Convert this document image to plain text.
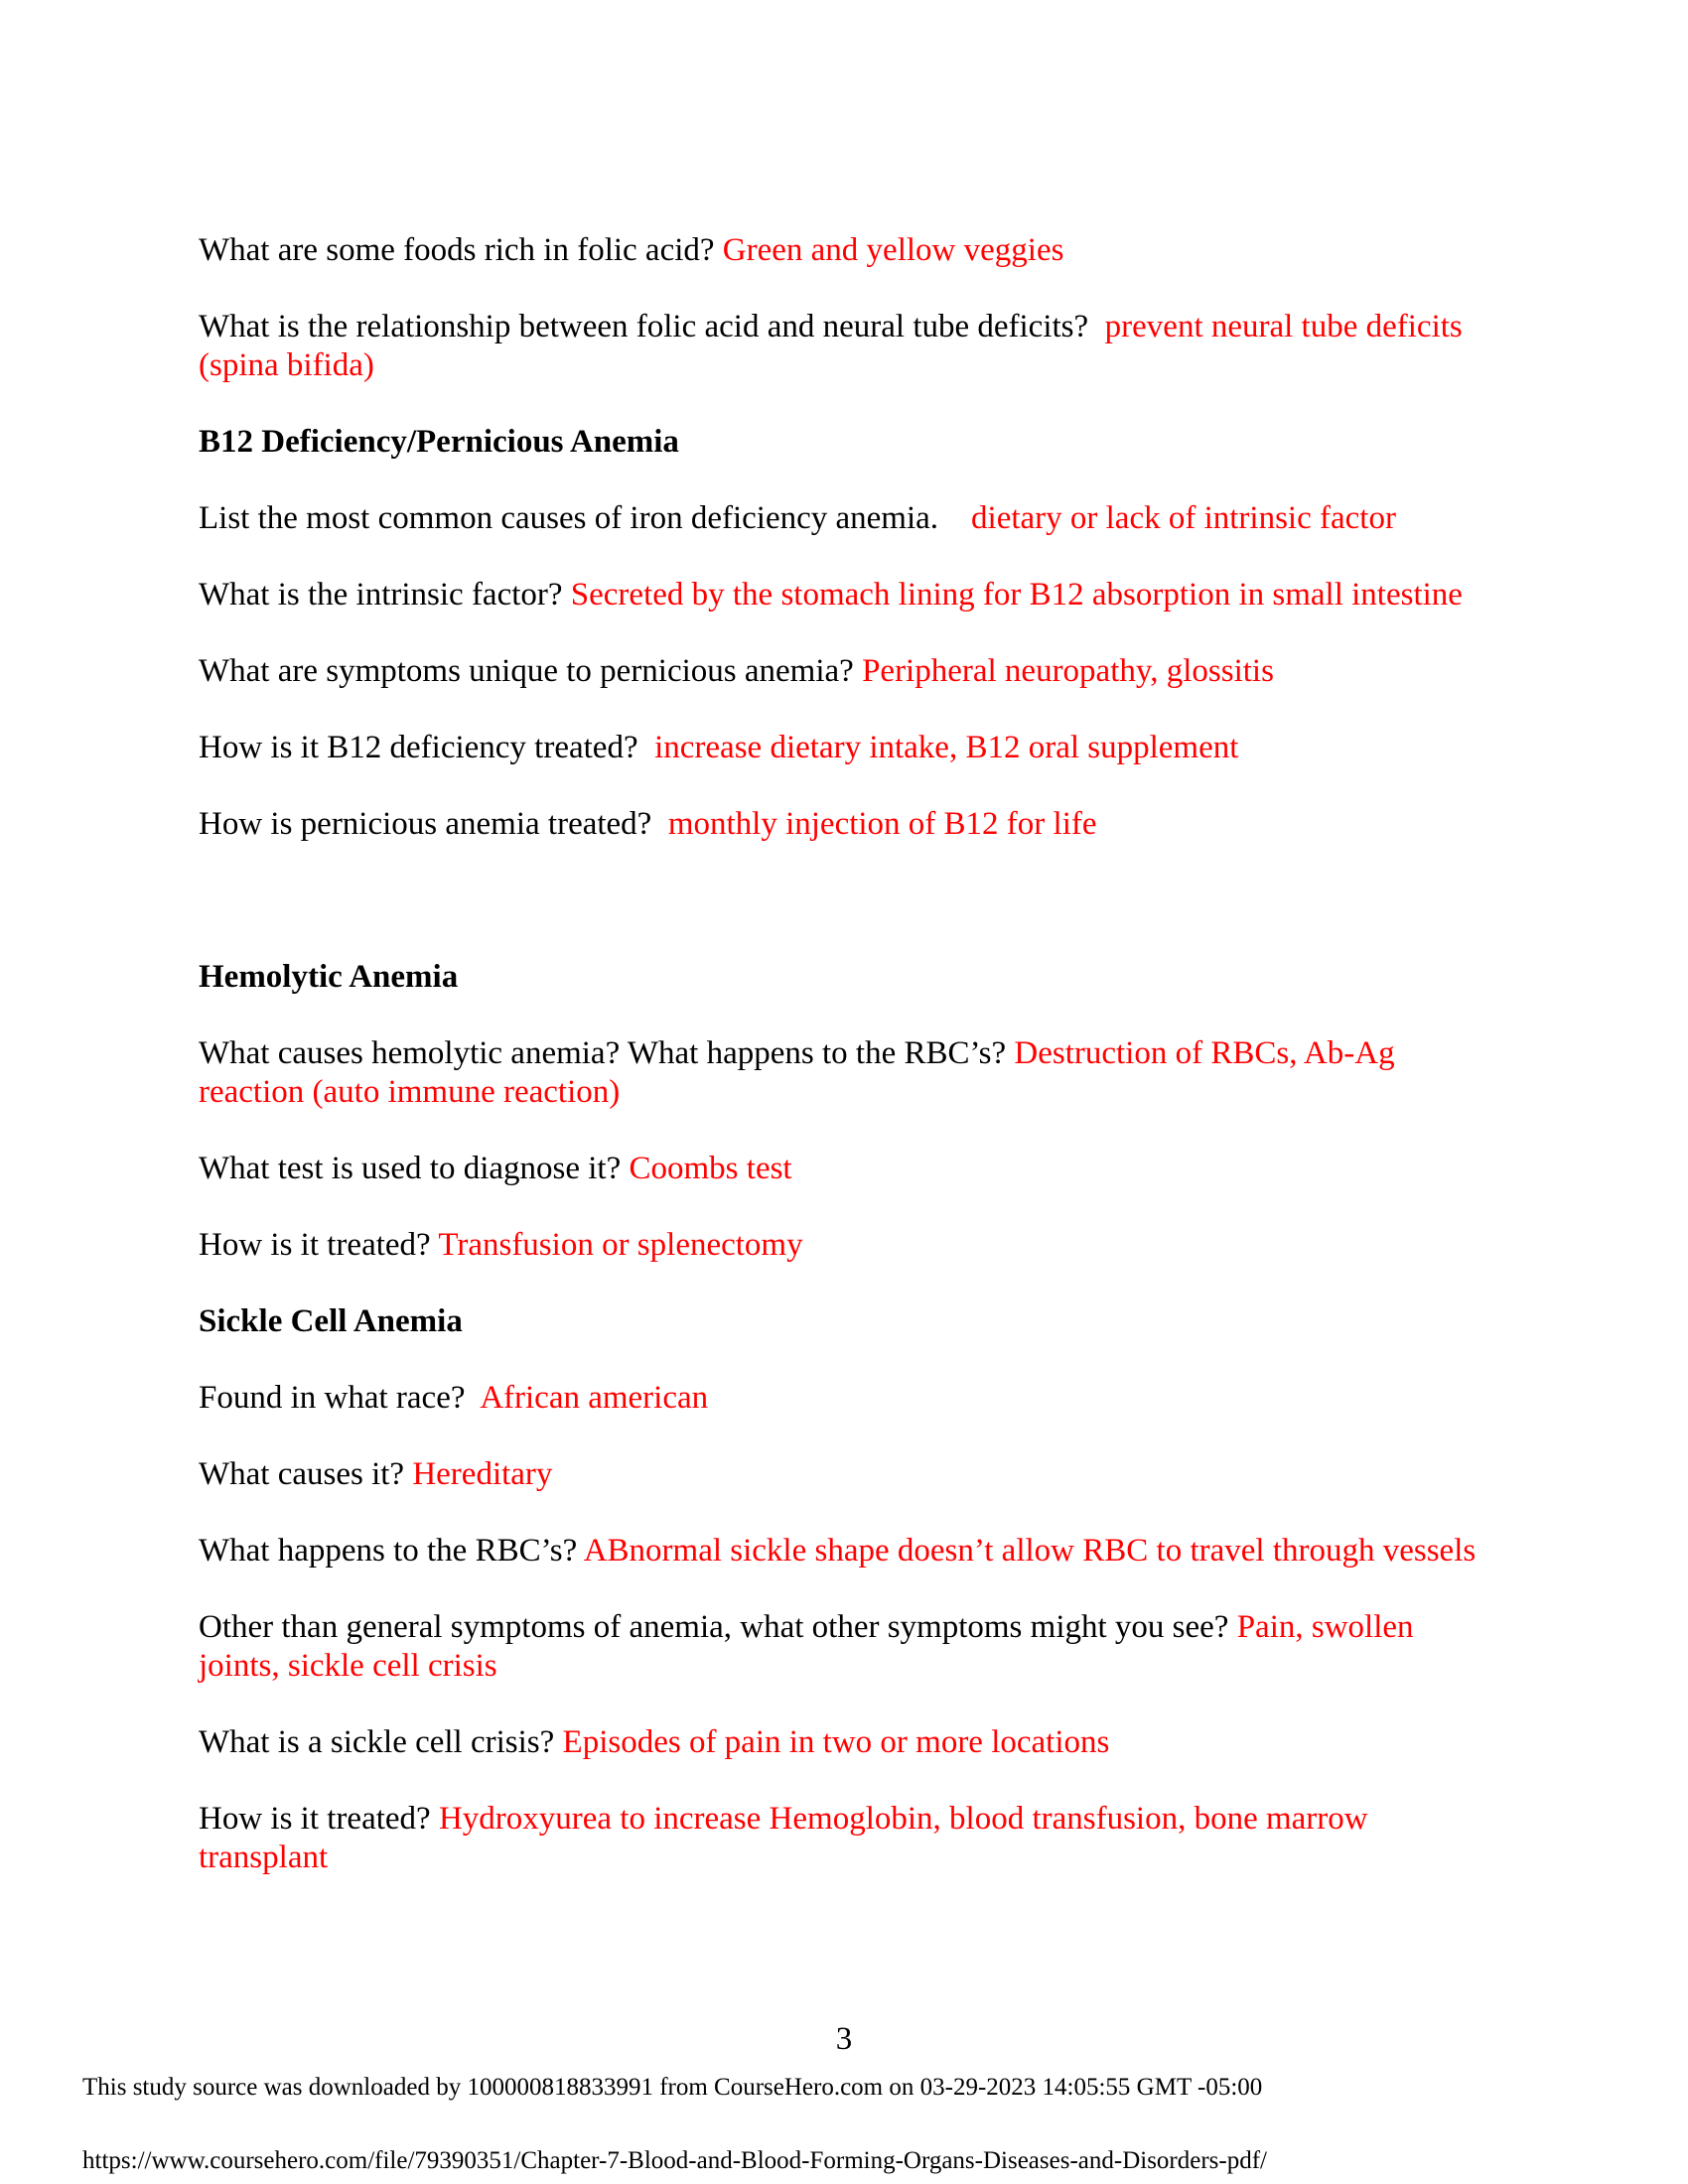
What are some foods rich in folic acid? Green and yellow veggies

What is the relationship between folic acid and neural tube deficits?  prevent neural tube deficits (spina bifida)

B12 Deficiency/Pernicious Anemia

List the most common causes of iron deficiency anemia.    dietary or lack of intrinsic factor

What is the intrinsic factor? Secreted by the stomach lining for B12 absorption in small intestine

What are symptoms unique to pernicious anemia? Peripheral neuropathy, glossitis

How is it B12 deficiency treated?  increase dietary intake, B12 oral supplement

How is pernicious anemia treated?  monthly injection of B12 for life

Hemolytic Anemia

What causes hemolytic anemia? What happens to the RBC’s? Destruction of RBCs, Ab-Ag reaction (auto immune reaction)

What test is used to diagnose it? Coombs test

How is it treated? Transfusion or splenectomy

Sickle Cell Anemia

Found in what race?  African american

What causes it? Hereditary

What happens to the RBC’s? ABnormal sickle shape doesn’t allow RBC to travel through vessels

Other than general symptoms of anemia, what other symptoms might you see? Pain, swollen joints, sickle cell crisis

What is a sickle cell crisis? Episodes of pain in two or more locations

How is it treated? Hydroxyurea to increase Hemoglobin, blood transfusion, bone marrow transplant

3
This study source was downloaded by 100000818833991 from CourseHero.com on 03-29-2023 14:05:55 GMT -05:00
https://www.coursehero.com/file/79390351/Chapter-7-Blood-and-Blood-Forming-Organs-Diseases-and-Disorders-pdf/
